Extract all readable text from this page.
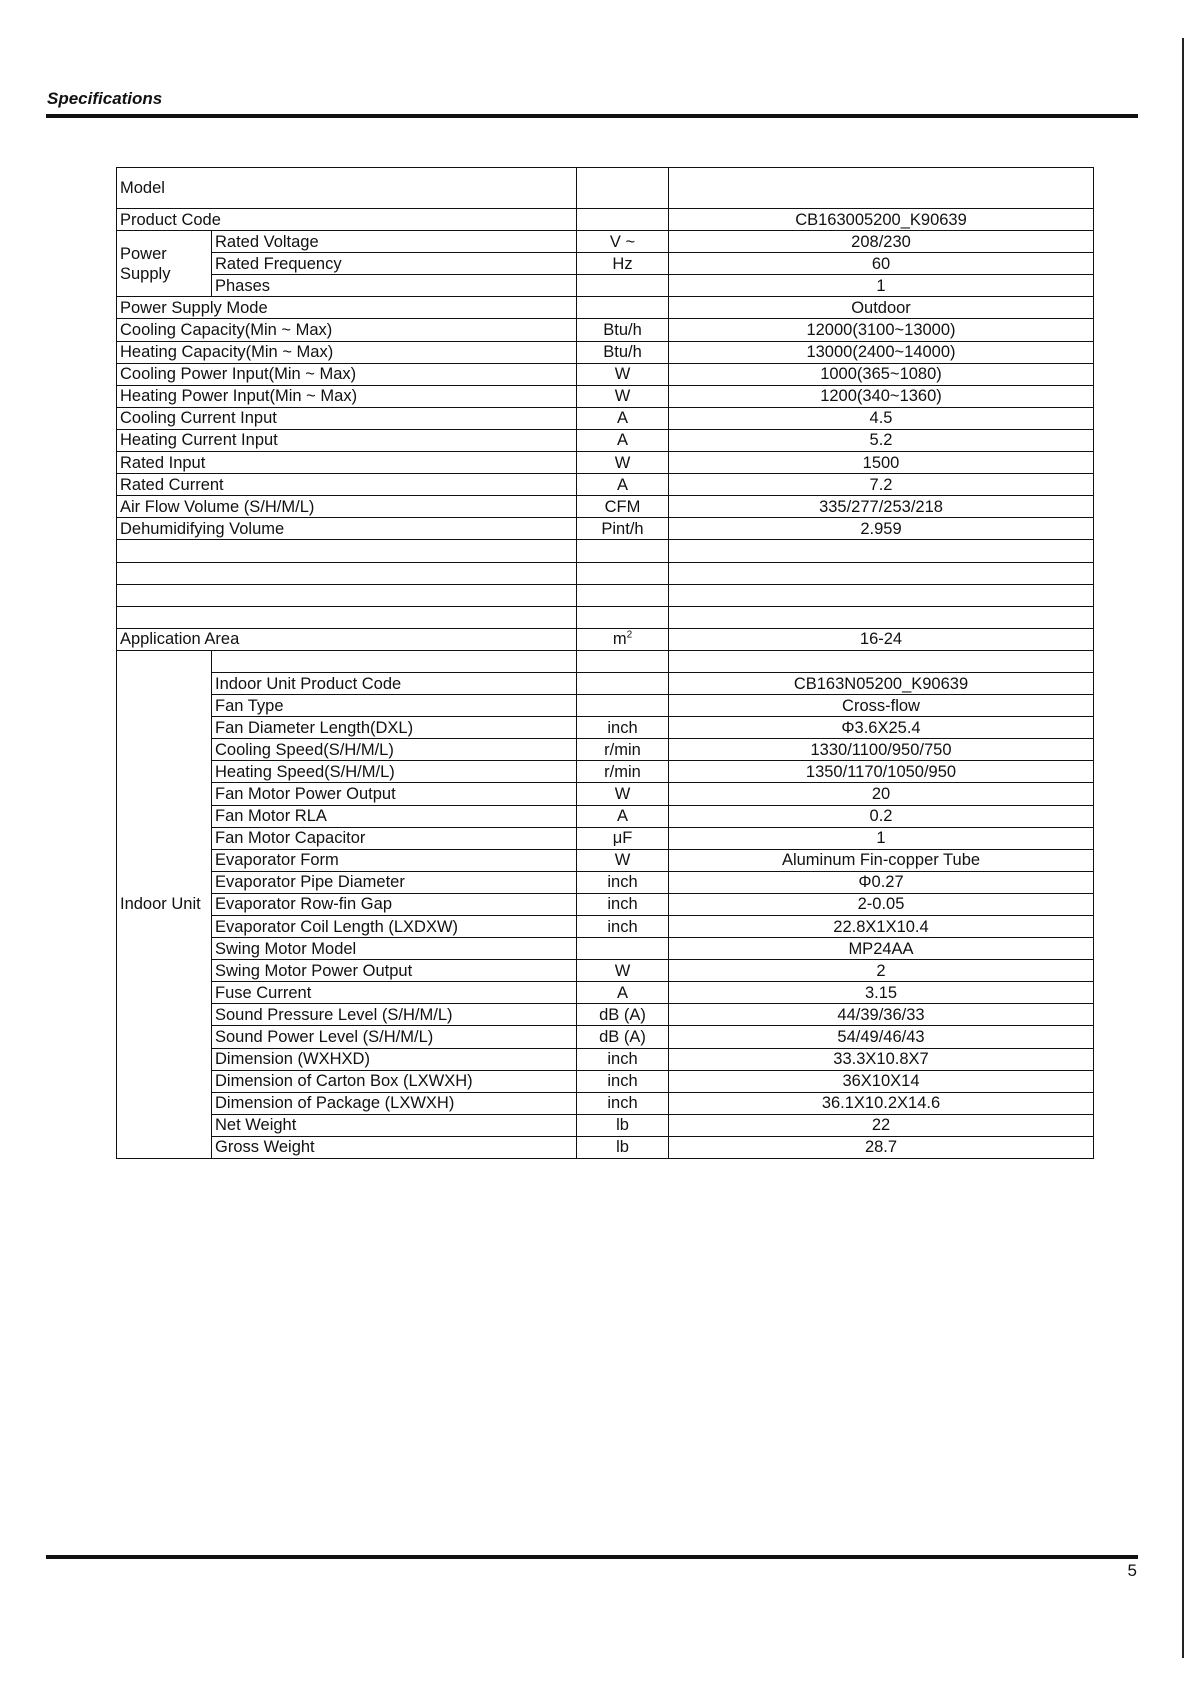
Specifications
Model			
Product Code			CB163005200_K90639
Power Supply	Rated Voltage	V ~	208/230
	Rated Frequency	Hz	60
	Phases		1
Power Supply Mode			Outdoor
Cooling Capacity(Min ~ Max)		Btu/h	12000(3100~13000)
Heating Capacity(Min ~ Max)		Btu/h	13000(2400~14000)
Cooling Power Input(Min ~ Max)		W	1000(365~1080)
Heating Power Input(Min ~ Max)		W	1200(340~1360)
Cooling Current Input		A	4.5
Heating Current Input		A	5.2
Rated Input		W	1500
Rated Current		A	7.2
Air Flow Volume (S/H/M/L)		CFM	335/277/253/218
Dehumidifying Volume		Pint/h	2.959

Application Area		$m^2$	16-24
Indoor Unit			
	Indoor Unit Product Code		CB163N05200_K90639
	Fan Type		Cross-flow
	Fan Diameter Length(DXL)	inch	Φ3.6X25.4
	Cooling Speed(S/H/M/L)	r/min	1330/1100/950/750
	Heating Speed(S/H/M/L)	r/min	1350/1170/1050/950
	Fan Motor Power Output	W	20
	Fan Motor RLA	A	0.2
	Fan Motor Capacitor	μF	1
	Evaporator Form	W	Aluminum Fin-copper Tube
	Evaporator Pipe Diameter	inch	Φ0.27
	Evaporator Row-fin Gap	inch	2-0.05
	Evaporator Coil Length (LXDXW)	inch	22.8X1X10.4
	Swing Motor Model		MP24AA
	Swing Motor Power Output	W	2
	Fuse Current	A	3.15
	Sound Pressure Level (S/H/M/L)	dB (A)	44/39/36/33
	Sound Power Level (S/H/M/L)	dB (A)	54/49/46/43
	Dimension (WXHXD)	inch	33.3X10.8X7
	Dimension of Carton Box (LXWXH)	inch	36X10X14
	Dimension of Package (LXWXH)	inch	36.1X10.2X14.6
	Net Weight	lb	22
	Gross Weight	lb	28.7
5
